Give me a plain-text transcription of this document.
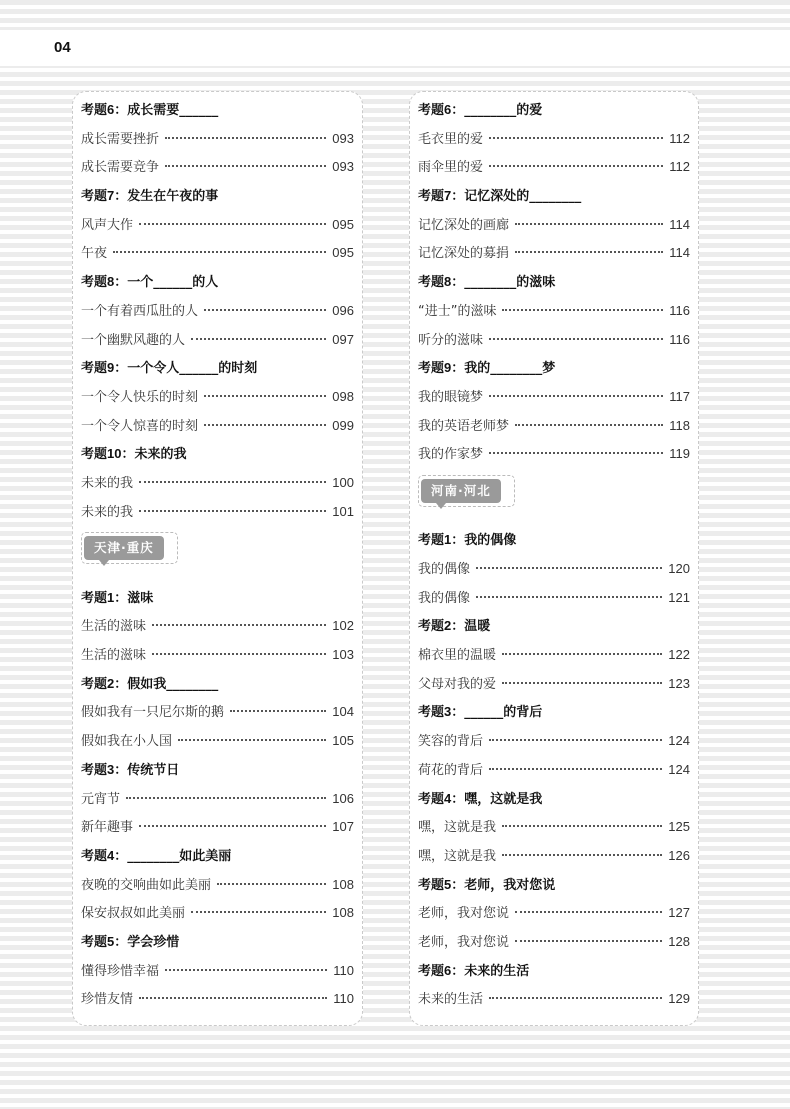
04
考题6：成长需要______
成长需要挫折	093
成长需要竞争	093
考题7：发生在午夜的事
风声大作	095
午夜	095
考题8：一个______的人
一个有着西瓜肚的人	096
一个幽默风趣的人	097
考题9：一个令人______的时刻
一个令人快乐的时刻	098
一个令人惊喜的时刻	099
考题10：未来的我
未来的我	100
未来的我	101
天津·重庆
考题1：滋味
生活的滋味	102
生活的滋味	103
考题2：假如我________
假如我有一只尼尔斯的鹅	104
假如我在小人国	105
考题3：传统节日
元宵节	106
新年趣事	107
考题4：________如此美丽
夜晚的交响曲如此美丽	108
保安叔叔如此美丽	108
考题5：学会珍惜
懂得珍惜幸福	110
珍惜友情	110
考题6：________的爱
毛衣里的爱	112
雨伞里的爱	112
考题7：记忆深处的________
记忆深处的画廊	114
记忆深处的募捐	114
考题8：________的滋味
“进士”的滋味	116
听分的滋味	116
考题9：我的________梦
我的眼镜梦	117
我的英语老师梦	118
我的作家梦	119
河南·河北
考题1：我的偶像
我的偶像	120
我的偶像	121
考题2：温暖
棉衣里的温暖	122
父母对我的爱	123
考题3：______的背后
笑容的背后	124
荷花的背后	124
考题4：嘿，这就是我
嘿，这就是我	125
嘿，这就是我	126
考题5：老师，我对您说
老师，我对您说	127
老师，我对您说	128
考题6：未来的生活
未来的生活	129
